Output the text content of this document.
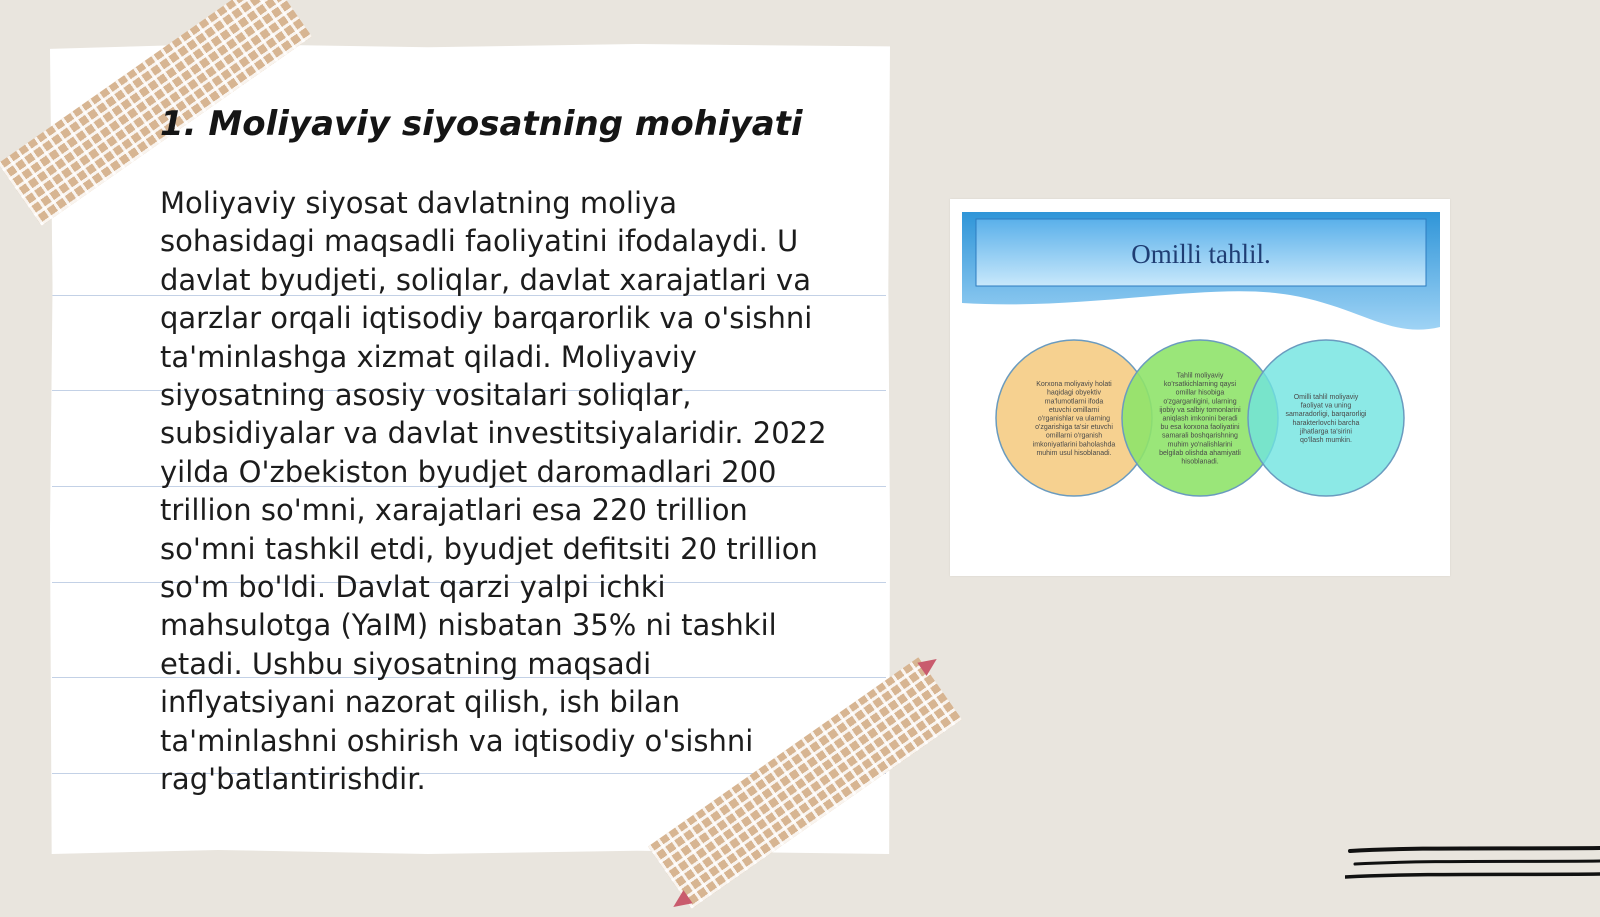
1. Moliyaviy siyosatning mohiyati

Moliyaviy siyosat davlatning moliya
sohasidagi maqsadli faoliyatini ifodalaydi. U
davlat byudjeti, soliqlar, davlat xarajatlari va
qarzlar orqali iqtisodiy barqarorlik va o'sishni
ta'minlashga xizmat qiladi. Moliyaviy
siyosatning asosiy vositalari soliqlar,
subsidiyalar va davlat investitsiyalaridir. 2022
yilda O'zbekiston byudjet daromadlari 200
trillion so'mni, xarajatlari esa 220 trillion
so'mni tashkil etdi, byudjet defitsiti 20 trillion
so'm bo'ldi. Davlat qarzi yalpi ichki
mahsulotga (YaIM) nisbatan 35% ni tashkil
etadi. Ushbu siyosatning maqsadi
inflyatsiyani nazorat qilish, ish bilan
ta'minlashni oshirish va iqtisodiy o'sishni
rag'batlantirishdir.

Omilli tahlil.
Korxona moliyaviy holati
haqidagi obyektiv
ma'lumotlarni ifoda
etuvchi omillarni
o'rganishlar va ularning
o'zgarishiga ta'sir etuvchi
omillarni o'rganish
imkoniyatlarini baholashda
muhim usul hisoblanadi.
Tahlil moliyaviy
ko'rsatkichlarning qaysi
omillar hisobiga
o'zgarganligini, ularning
ijobiy va salbiy tomonlarini
aniqlash imkonini beradi
bu esa korxona faoliyatini
samarali boshqarishning
muhim yo'nalishlarini
belgilab olishda ahamiyatli
hisoblanadi.
Omilli tahlil moliyaviy
faoliyat va uning
samaradorligi, barqarorligi
harakterlovchi barcha
jihatlarga ta'sirini
qo'llash mumkin.
